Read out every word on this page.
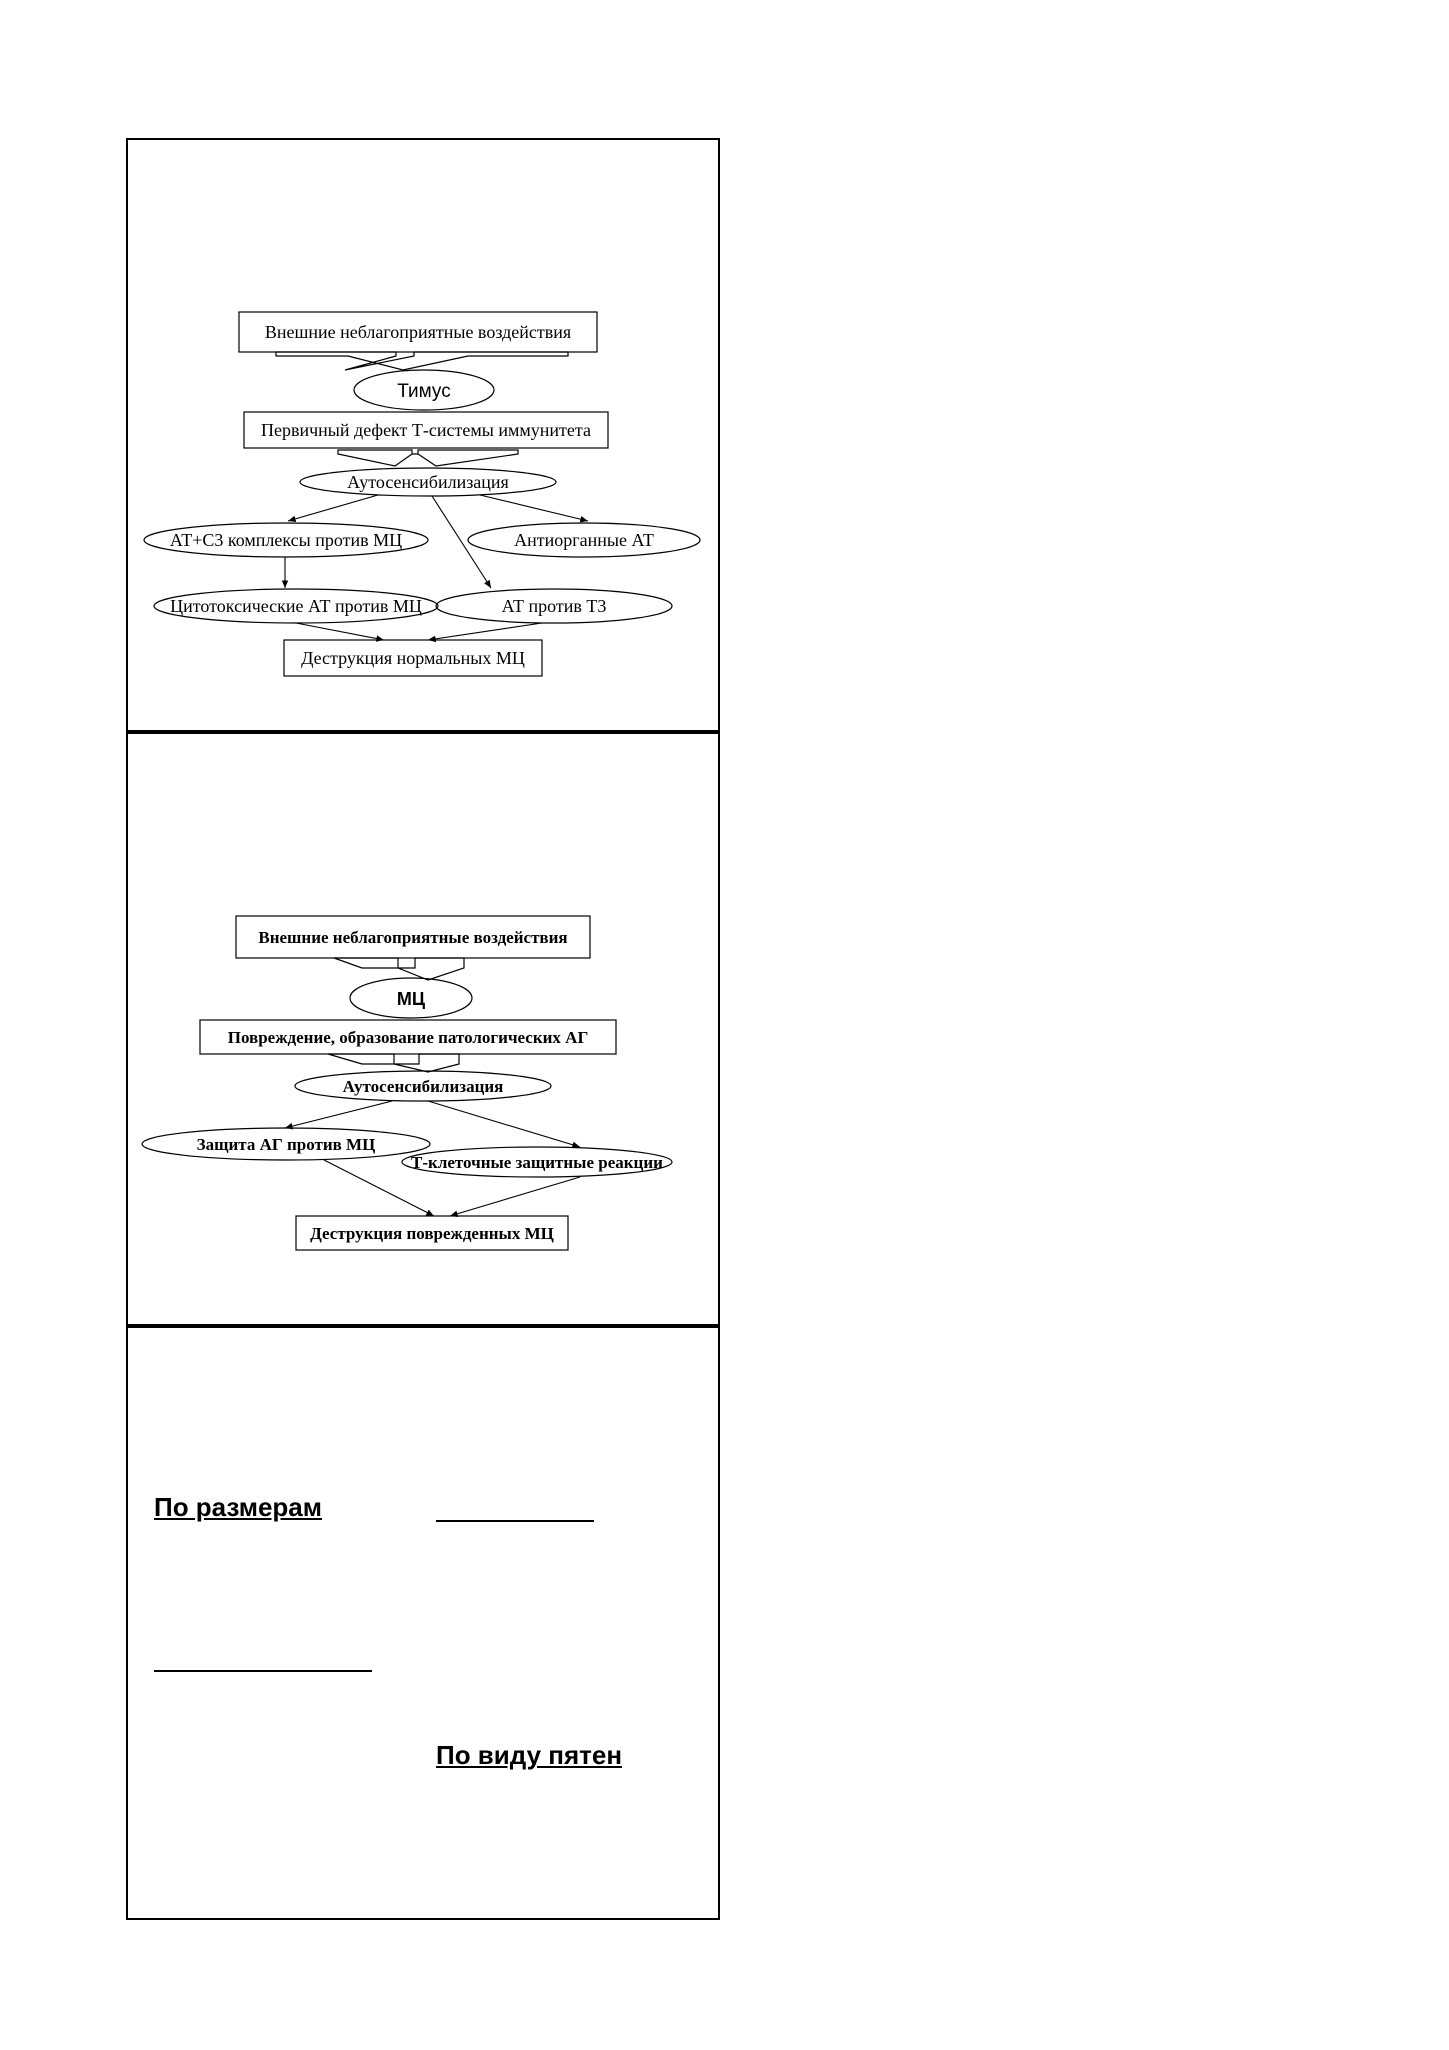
Внешние неблагоприятные воздействия
Первичный дефект Т-системы иммунитета
Аутосенсибилизация
АТ+С3 комплексы против МЦ	Антиорганные АТ
Цитотоксические АТ против МЦ	АТ против Т3
Деструкция нормальных МЦ
Тимус
Внешние неблагоприятные воздействия
Повреждение, образование патологических АГ
Аутосенсибилизация
Защита АГ против МЦ
Т-клеточные защитные реакции
Деструкция поврежденных МЦ
МЦ
По размерам
По виду пятен
